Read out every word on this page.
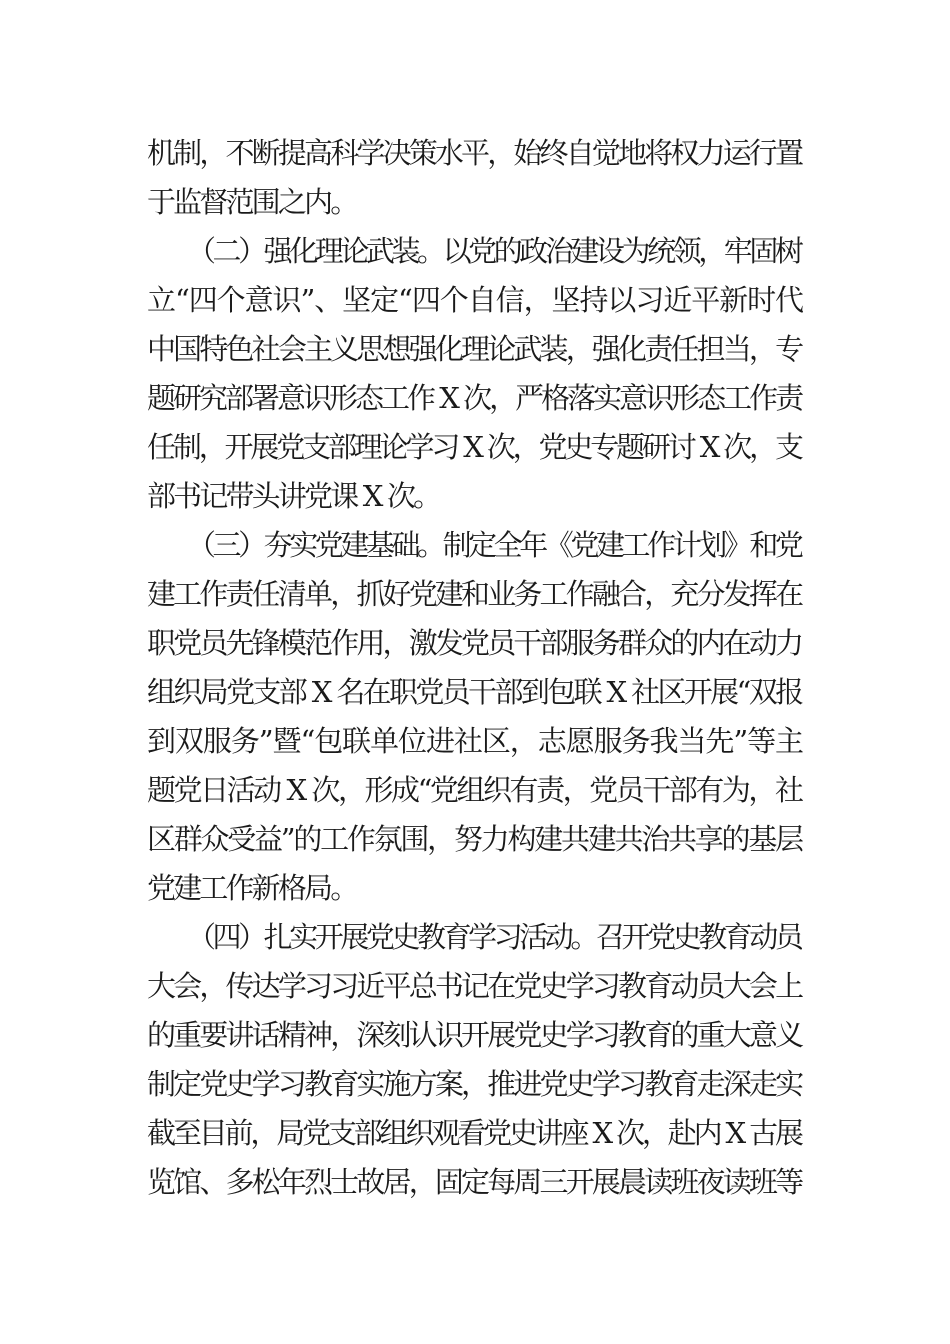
机制，不断提高科学决策水平，始终自觉地将权力运行置
于监督范围之内。
（二）强化理论武装。以党的政治建设为统领，牢固树
立“四个意识”、坚定“四个自信，坚持以习近平新时代
中国特色社会主义思想强化理论武装，强化责任担当，专
题研究部署意识形态工作 X 次，严格落实意识形态工作责
任制，开展党支部理论学习 X 次，党史专题研讨 X 次，支
部书记带头讲党课 X 次。
（三）夯实党建基础。制定全年《党建工作计划》和党
建工作责任清单，抓好党建和业务工作融合，充分发挥在
职党员先锋模范作用，激发党员干部服务群众的内在动力
组织局党支部 X 名在职党员干部到包联 X 社区开展“双报
到双服务”暨“包联单位进社区，志愿服务我当先”等主
题党日活动 X 次，形成“党组织有责，党员干部有为，社
区群众受益”的工作氛围，努力构建共建共治共享的基层
党建工作新格局。
（四）扎实开展党史教育学习活动。召开党史教育动员
大会，传达学习习近平总书记在党史学习教育动员大会上
的重要讲话精神，深刻认识开展党史学习教育的重大意义
制定党史学习教育实施方案，推进党史学习教育走深走实
截至目前，局党支部组织观看党史讲座 X 次，赴内 X 古展
览馆、多松年烈士故居，固定每周三开展晨读班夜读班等
